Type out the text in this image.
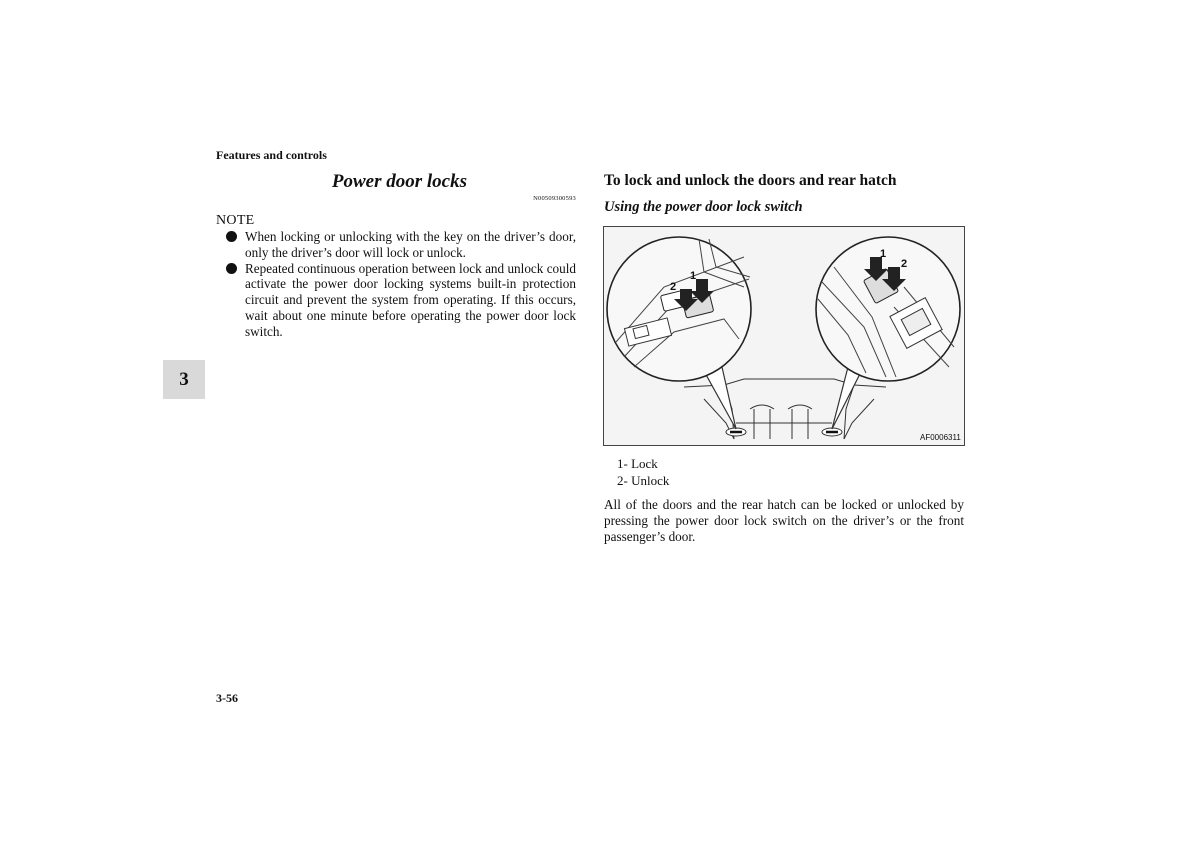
Features and controls
Power door locks
N00509300593
NOTE
When locking or unlocking with the key on the driver’s door, only the driver’s door will lock or unlock.
Repeated continuous operation between lock and unlock could activate the power door locking systems built-in protection circuit and prevent the system from operating. If this occurs, wait about one minute before operating the power door lock switch.
3
3-56
To lock and unlock the doors and rear hatch
Using the power door lock switch
1
2
1
2
AF0006311
1- Lock
2- Unlock
All of the doors and the rear hatch can be locked or unlocked by pressing the power door lock switch on the driver’s or the front passenger’s door.
